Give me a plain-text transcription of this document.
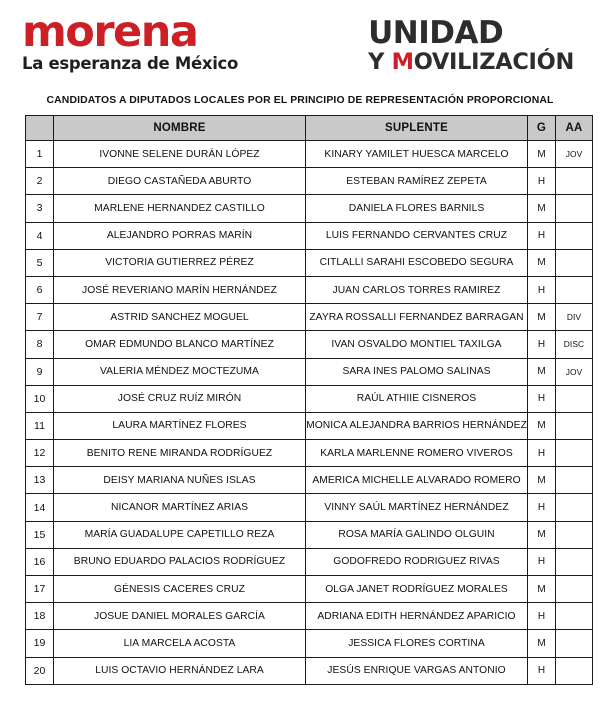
morena
La esperanza de México
UNIDAD
Y MOVILIZACIÓN
CANDIDATOS A DIPUTADOS LOCALES POR EL PRINCIPIO DE REPRESENTACIÓN PROPORCIONAL
	NOMBRE	SUPLENTE	G	AA
1	IVONNE SELENE DURÁN LÓPEZ	KINARY YAMILET HUESCA MARCELO	M	JOV
2	DIEGO CASTAÑEDA ABURTO	ESTEBAN RAMÍREZ ZEPETA	H	
3	MARLENE HERNANDEZ CASTILLO	DANIELA FLORES BARNILS	M	
4	ALEJANDRO PORRAS MARÍN	LUIS FERNANDO CERVANTES CRUZ	H	
5	VICTORIA GUTIERREZ PÉREZ	CITLALLI SARAHI ESCOBEDO SEGURA	M	
6	JOSÉ REVERIANO MARÍN HERNÁNDEZ	JUAN CARLOS TORRES RAMIREZ	H	
7	ASTRID SANCHEZ MOGUEL	ZAYRA ROSSALLI FERNANDEZ BARRAGAN	M	DIV
8	OMAR EDMUNDO BLANCO MARTÍNEZ	IVAN OSVALDO MONTIEL TAXILGA	H	DISC
9	VALERIA MÉNDEZ MOCTEZUMA	SARA INES PALOMO SALINAS	M	JOV
10	JOSÉ CRUZ RUÍZ MIRÓN	RAÚL ATHIIE CISNEROS	H	
11	LAURA MARTÍNEZ FLORES	MONICA ALEJANDRA BARRIOS HERNÁNDEZ	M	
12	BENITO RENE MIRANDA RODRÍGUEZ	KARLA MARLENNE ROMERO VIVEROS	H	
13	DEISY MARIANA NUÑES ISLAS	AMERICA MICHELLE ALVARADO ROMERO	M	
14	NICANOR MARTÍNEZ ARIAS	VINNY SAÚL MARTÍNEZ HERNÁNDEZ	H	
15	MARÍA GUADALUPE CAPETILLO REZA	ROSA MARÍA GALINDO OLGUIN	M	
16	BRUNO EDUARDO PALACIOS RODRÍGUEZ	GODOFREDO RODRIGUEZ RIVAS	H	
17	GÉNESIS CACERES CRUZ	OLGA JANET RODRÍGUEZ MORALES	M	
18	JOSUE DANIEL MORALES GARCÍA	ADRIANA EDITH HERNÁNDEZ APARICIO	H	
19	LIA MARCELA ACOSTA	JESSICA FLORES CORTINA	M	
20	LUIS OCTAVIO HERNÁNDEZ LARA	JESÚS ENRIQUE VARGAS ANTONIO	H	
